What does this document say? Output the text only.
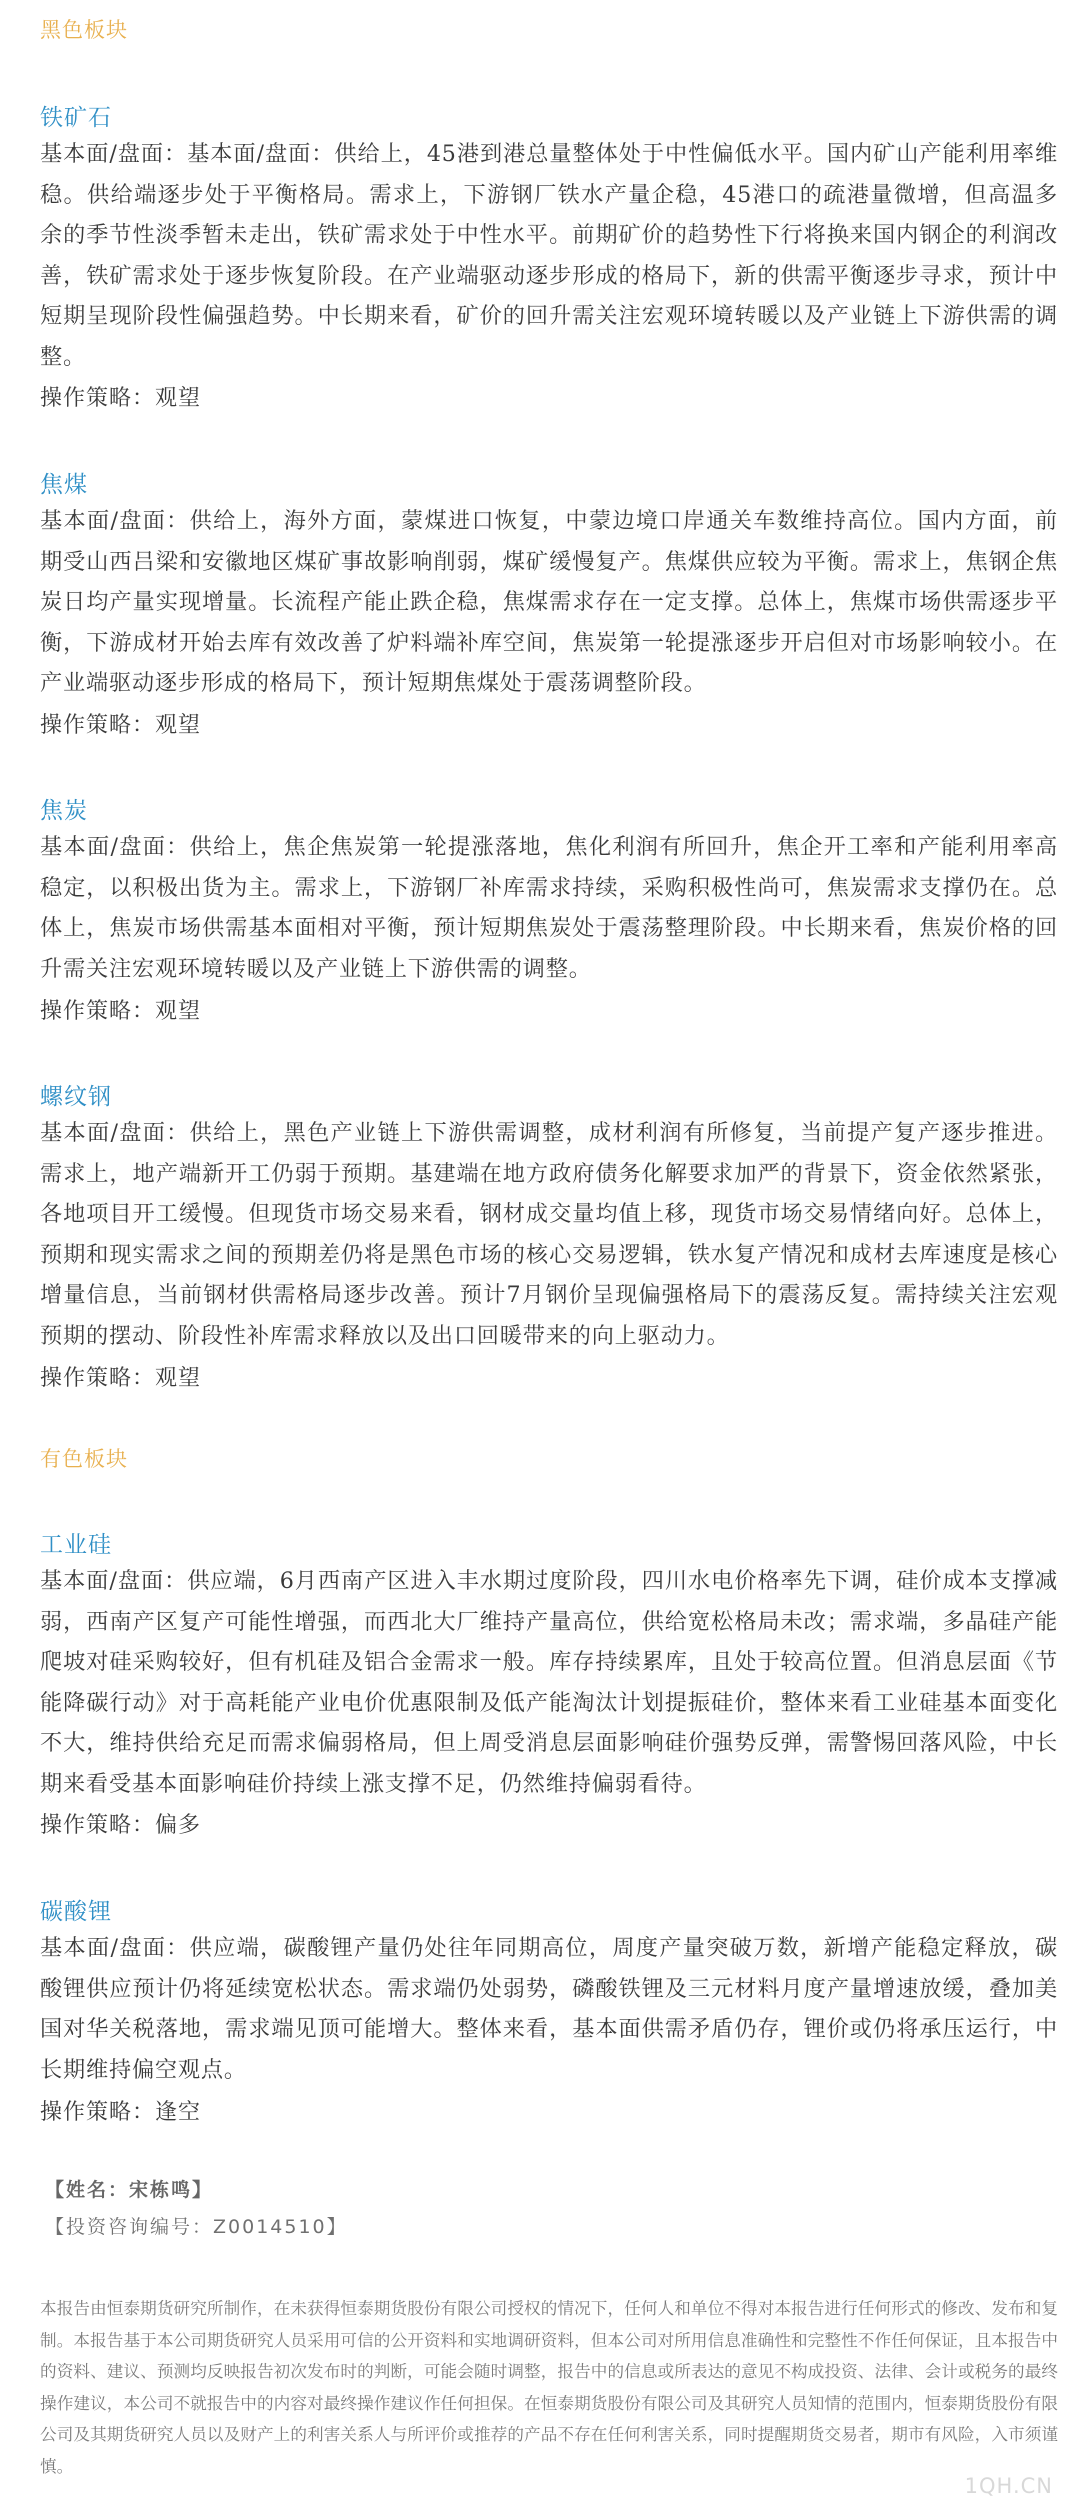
黑色板块
铁矿石

基本面/盘面：基本面/盘面：供给上，45港到港总量整体处于中性偏低水平。国内矿山产能利用率维稳。供给端逐步处于平衡格局。需求上，下游钢厂铁水产量企稳，45港口的疏港量微增，但高温多余的季节性淡季暂未走出，铁矿需求处于中性水平。前期矿价的趋势性下行将换来国内钢企的利润改善，铁矿需求处于逐步恢复阶段。在产业端驱动逐步形成的格局下，新的供需平衡逐步寻求，预计中短期呈现阶段性偏强趋势。中长期来看，矿价的回升需关注宏观环境转暖以及产业链上下游供需的调整。

操作策略：观望
焦煤

基本面/盘面：供给上，海外方面，蒙煤进口恢复，中蒙边境口岸通关车数维持高位。国内方面，前期受山西吕梁和安徽地区煤矿事故影响削弱，煤矿缓慢复产。焦煤供应较为平衡。需求上，焦钢企焦炭日均产量实现增量。长流程产能止跌企稳，焦煤需求存在一定支撑。总体上，焦煤市场供需逐步平衡，下游成材开始去库有效改善了炉料端补库空间，焦炭第一轮提涨逐步开启但对市场影响较小。在产业端驱动逐步形成的格局下，预计短期焦煤处于震荡调整阶段。

操作策略：观望
焦炭

基本面/盘面：供给上，焦企焦炭第一轮提涨落地，焦化利润有所回升，焦企开工率和产能利用率高稳定，以积极出货为主。需求上，下游钢厂补库需求持续，采购积极性尚可，焦炭需求支撑仍在。总体上，焦炭市场供需基本面相对平衡，预计短期焦炭处于震荡整理阶段。中长期来看，焦炭价格的回升需关注宏观环境转暖以及产业链上下游供需的调整。

操作策略：观望
螺纹钢

基本面/盘面：供给上，黑色产业链上下游供需调整，成材利润有所修复，当前提产复产逐步推进。需求上，地产端新开工仍弱于预期。基建端在地方政府债务化解要求加严的背景下，资金依然紧张，各地项目开工缓慢。但现货市场交易来看，钢材成交量均值上移，现货市场交易情绪向好。总体上，预期和现实需求之间的预期差仍将是黑色市场的核心交易逻辑，铁水复产情况和成材去库速度是核心增量信息，当前钢材供需格局逐步改善。预计7月钢价呈现偏强格局下的震荡反复。需持续关注宏观预期的摆动、阶段性补库需求释放以及出口回暖带来的向上驱动力。

操作策略：观望
有色板块
工业硅

基本面/盘面：供应端，6月西南产区进入丰水期过度阶段，四川水电价格率先下调，硅价成本支撑减弱，西南产区复产可能性增强，而西北大厂维持产量高位，供给宽松格局未改；需求端，多晶硅产能爬坡对硅采购较好，但有机硅及铝合金需求一般。库存持续累库，且处于较高位置。但消息层面《节能降碳行动》对于高耗能产业电价优惠限制及低产能淘汰计划提振硅价，整体来看工业硅基本面变化不大，维持供给充足而需求偏弱格局，但上周受消息层面影响硅价强势反弹，需警惕回落风险，中长期来看受基本面影响硅价持续上涨支撑不足，仍然维持偏弱看待。

操作策略：偏多
碳酸锂

基本面/盘面：供应端，碳酸锂产量仍处往年同期高位，周度产量突破万数，新增产能稳定释放，碳酸锂供应预计仍将延续宽松状态。需求端仍处弱势，磷酸铁锂及三元材料月度产量增速放缓，叠加美国对华关税落地，需求端见顶可能增大。整体来看，基本面供需矛盾仍存，锂价或仍将承压运行，中长期维持偏空观点。

操作策略：逢空
【姓名：宋栋鸣】
【投资咨询编号：Z0014510】

本报告由恒泰期货研究所制作，在未获得恒泰期货股份有限公司授权的情况下，任何人和单位不得对本报告进行任何形式的修改、发布和复制。本报告基于本公司期货研究人员采用可信的公开资料和实地调研资料，但本公司对所用信息准确性和完整性不作任何保证，且本报告中的资料、建议、预测均反映报告初次发布时的判断，可能会随时调整，报告中的信息或所表达的意见不构成投资、法律、会计或税务的最终操作建议，本公司不就报告中的内容对最终操作建议作任何担保。在恒泰期货股份有限公司及其研究人员知情的范围内，恒泰期货股份有限公司及其期货研究人员以及财产上的利害关系人与所评价或推荐的产品不存在任何利害关系，同时提醒期货交易者，期市有风险，入市须谨慎。

1QH.CN
